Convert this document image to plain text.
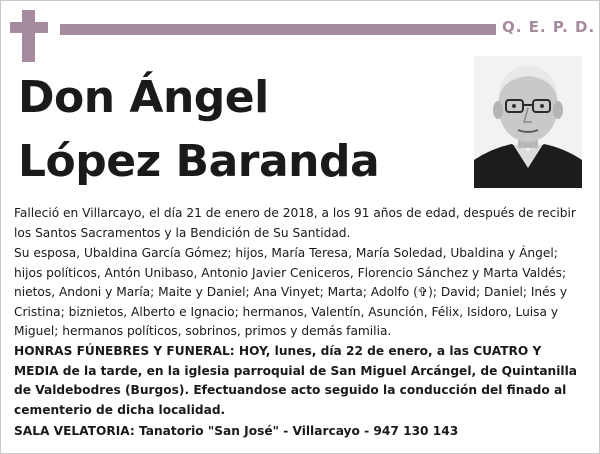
Q. E. P. D.
Don Ángel
López Baranda
Falleció en Villarcayo, el día 21 de enero de 2018, a los 91 años de edad, después de recibir los Santos Sacramentos y la Bendición de Su Santidad.
Su esposa, Ubaldina García Gómez; hijos, María Teresa, María Soledad, Ubaldina y Ángel; hijos políticos, Antón Unibaso, Antonio Javier Ceniceros, Florencio Sánchez y Marta Valdés; nietos, Andoni y María; Maite y Daniel; Ana Vinyet; Marta; Adolfo (✞); David; Daniel; Inés y Cristina; biznietos, Alberto e Ignacio; hermanos, Valentín, Asunción, Félix, Isidoro, Luisa y Miguel; hermanos políticos, sobrinos, primos y demás familia.
HONRAS FÚNEBRES Y FUNERAL: HOY, lunes, día 22 de enero, a las CUATRO Y MEDIA de la tarde, en la iglesia parroquial de San Miguel Arcángel, de Quintanilla de Valdebodres (Burgos). Efectuandose acto seguido la conducción del finado al cementerio de dicha localidad.
SALA VELATORIA: Tanatorio "San José" - Villarcayo - 947 130 143
